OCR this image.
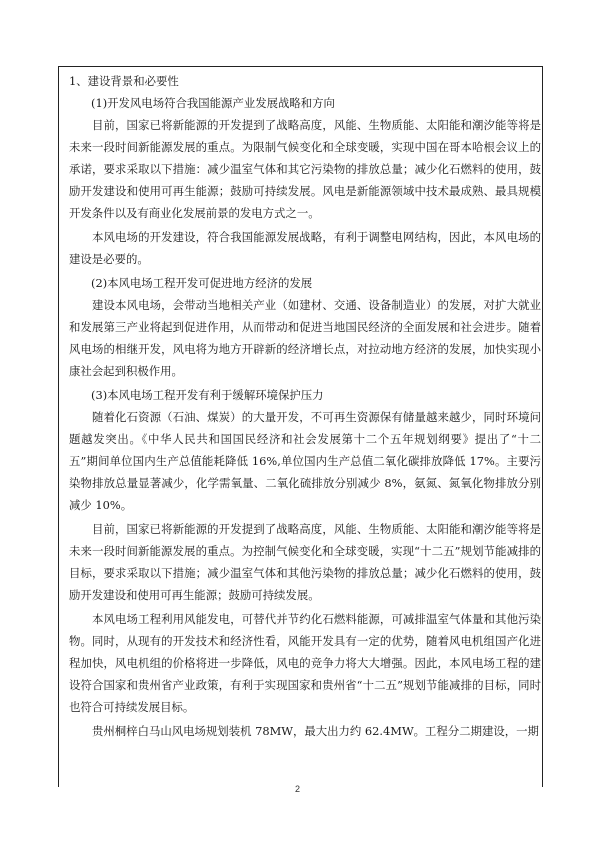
1、建设背景和必要性
(1)开发风电场符合我国能源产业发展战略和方向

目前，国家已将新能源的开发提到了战略高度，风能、生物质能、太阳能和潮汐能等将是未来一段时间新能源发展的重点。为限制气候变化和全球变暖，实现中国在哥本哈根会议上的承诺，要求采取以下措施：减少温室气体和其它污染物的排放总量；减少化石燃料的使用，鼓励开发建设和使用可再生能源；鼓励可持续发展。风电是新能源领域中技术最成熟、最具规模开发条件以及有商业化发展前景的发电方式之一。

本风电场的开发建设，符合我国能源发展战略，有利于调整电网结构，因此，本风电场的建设是必要的。

(2)本风电场工程开发可促进地方经济的发展

建设本风电场，会带动当地相关产业（如建材、交通、设备制造业）的发展，对扩大就业和发展第三产业将起到促进作用，从而带动和促进当地国民经济的全面发展和社会进步。随着风电场的相继开发，风电将为地方开辟新的经济增长点，对拉动地方经济的发展，加快实现小康社会起到积极作用。

(3)本风电场工程开发有利于缓解环境保护压力

随着化石资源（石油、煤炭）的大量开发，不可再生资源保有储量越来越少，同时环境问题越发突出。《中华人民共和国国民经济和社会发展第十二个五年规划纲要》提出了“十二五”期间单位国内生产总值能耗降低 16%,单位国内生产总值二氧化碳排放降低 17%。主要污染物排放总量显著减少，化学需氧量、二氧化硫排放分别减少 8%，氨氮、氮氧化物排放分别减少 10%。

目前，国家已将新能源的开发提到了战略高度，风能、生物质能、太阳能和潮汐能等将是未来一段时间新能源发展的重点。为控制气候变化和全球变暖，实现“十二五”规划节能减排的目标，要求采取以下措施；减少温室气体和其他污染物的排放总量；减少化石燃料的使用，鼓励开发建设和使用可再生能源；鼓励可持续发展。

本风电场工程利用风能发电，可替代并节约化石燃料能源，可减排温室气体量和其他污染物。同时，从现有的开发技术和经济性看，风能开发具有一定的优势，随着风电机组国产化进程加快，风电机组的价格将进一步降低，风电的竞争力将大大增强。因此，本风电场工程的建设符合国家和贵州省产业政策，有利于实现国家和贵州省“十二五”规划节能减排的目标，同时也符合可持续发展目标。

贵州桐梓白马山风电场规划装机 78MW，最大出力约 62.4MW。工程分二期建设，一期

2
